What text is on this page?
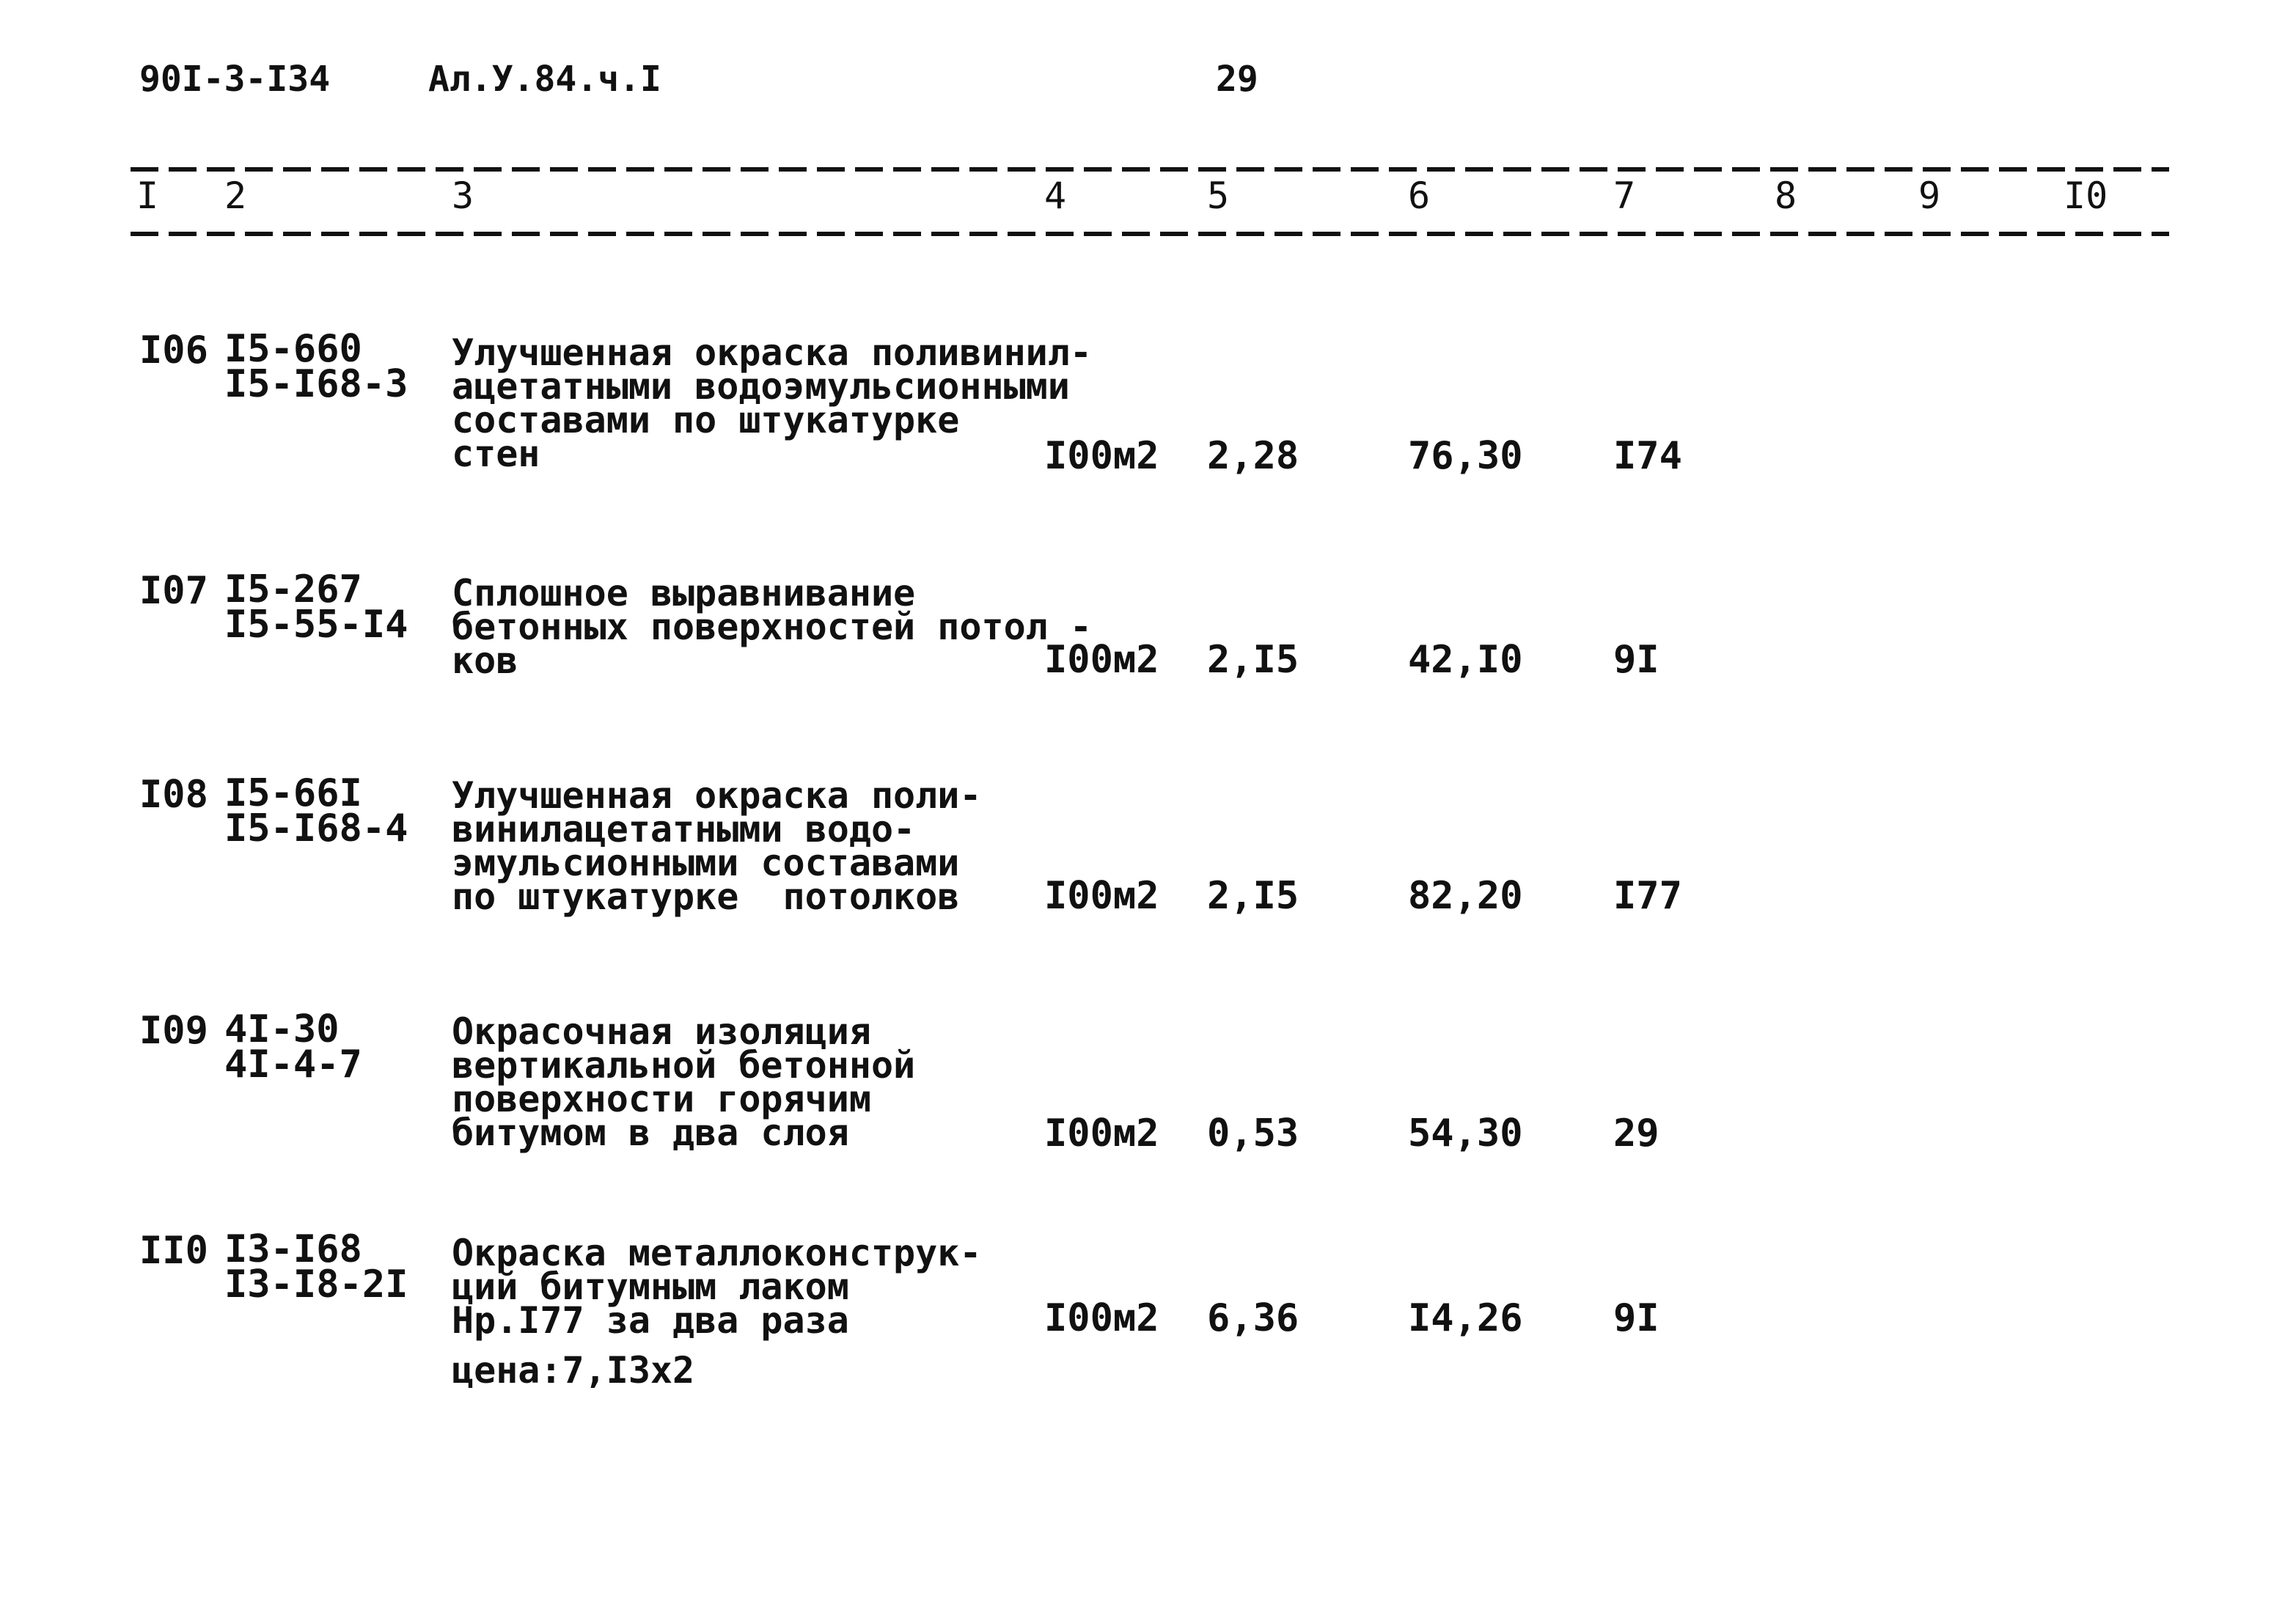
90I-3-I34	Ал.У.84.ч.I	29
I 2	3	4	5	6	7	8	9	I0
I06 I5-660
I5-I68-3
Улучшенная окраска поливинил-
ацетатными водоэмульсионными
составами по штукатурке
стен	I00м2 2,28	76,30 I74
I07 I5-267
I5-55-I4
Сплошное выравнивание
бетонных поверхностей потол -
ков	I00м2 2,I5	42,I0 9I
I08 I5-66I
I5-I68-4
Улучшенная окраска поли-
винилацетатными водо-
эмульсионными составами
по штукатурке  потолков	I00м2 2,I5	82,20 I77
I09 4I-30
4I-4-7
Окрасочная изоляция
вертикальной бетонной
поверхности горячим
битумом в два слоя	I00м2 0,53	54,30 29
II0 I3-I68
I3-I8-2I
Окраска металлоконструк-
ций битумным лаком
Нр.I77 за два раза	I00м2 6,36	I4,26 9I
цена:7,I3х2
